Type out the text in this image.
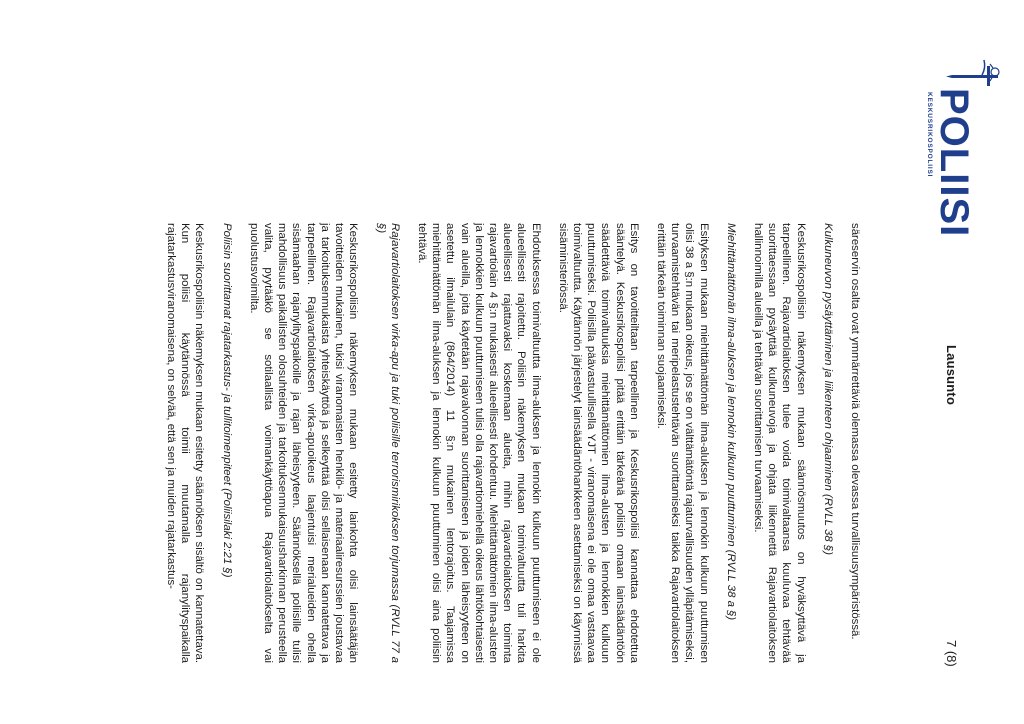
POLIISI
KESKUSRIKOSPOLIISI
Lausunto
7 (8)

säreservin osalta ovat ymmärrettäviä olemassa olevassa turvallisuusympäristössä.

Kulkuneuvon pysäyttäminen ja liikenteen ohjaaminen (RVLL 38 §)

Keskusrikospoliisin näkemyksen mukaan säännösmuutos on hyväksyttävä ja tarpeellinen. Rajavartiolaitoksen tulee voida toimivaltaansa kuuluvaa tehtävää suorittaessaan pysäyttää kulkuneuvoja ja ohjata liikennettä Rajavartiolaitoksen hallinnoimilla alueilla ja tehtävän suorittamisen turvaamiseksi.

Miehittämättömän ilma-aluksen ja lennokin kulkuun puuttuminen (RVLL 38 a §)

Esityksen mukaan miehittämättömän ilma-aluksen ja lennokin kulkuun puuttumisen olisi 38 a §:n mukaan oikeus, jos se on välttämätöntä rajaturvallisuuden ylläpitämiseksi, turvaamistehtävän tai meripelastustehtävän suorittamiseksi taikka Rajavartiolaitoksen erittäin tärkeän toiminnan suojaamiseksi.

Esitys on tavoitteiltaan tarpeellinen ja Keskusrikospoliisi kannattaa ehdotettua sääntelyä. Keskusrikospoliisi pitää erittäin tärkeänä poliisin omaan lainsäädäntöön säädettäviä toimivaltuuksia miehittämättömien ilma-alusten ja lennokkien kulkuun puuttumiseksi. Poliisilla päävastuullisella YJT - viranomaisena ei ole omaa vastaavaa toimivaltuutta. Käytännön järjestelyt lainsäädäntöhankkeen asettamiseksi on käynnissä sisäministeriössä.

Ehdotuksessa toimivaltuutta ilma-aluksen ja lennokin kulkuun puuttumiseen ei ole alueellisesti rajoitettu. Poliisin näkemyksen mukaan toimivaltuutta tuli harkita alueellisesti rajattavaksi koskemaan alueita, mihin rajavartiolaitoksen toiminta rajavartiolain 4 §:n mukaisesti alueellisesti kohdentuu. Miehittämättömien ilma-alusten ja lennokkien kulkuun puuttumiseen tulisi olla rajavartiomiehellä oikeus lähtökohtaisesti vain alueilla, joita käytetään rajavalvonnan suorittamiseen ja joiden läheisyyteen on asetettu ilmailulain (864/2014) 11 §:n mukainen lentorajoitus. Taajamissa miehittämättömän ilma-aluksen ja lennokin kulkuun puuttuminen olisi aina poliisin tehtävä.

Rajavartiolaitoksen virka-apu ja tuki poliisille terrorismirikoksen torjumassa (RVLL 77 a §)

Keskusrikospoliisin näkemyksen mukaan esitetty lainkohta olisi lainsäätäjän tavoitteiden mukainen, tukisi viranomaisten henkilö- ja materiaaliresurssien joustavaa ja tarkoituksenmukaista yhteiskäyttöä ja selkeyttää olisi sellaisenaan kannatettava ja tarpeellinen. Rajavartiolaitoksen virka-apuoikeus laajentuisi merialueiden ohella sisämaahan rajanylityspaikoille ja rajan läheisyyteen. Säännöksellä poliisille tulisi mahdollisuus paikallisten olosuhteiden ja tarkoituksenmukaisuusharkinnan perusteella valita, pyytääkö se sotilaallista voimankäyttöapua Rajavartiolaitokselta vai puolustusvoimilta.

Poliisin suorittamat rajatarkastus- ja tullitoimenpiteet (Poliisilaki 2:21 §)

Keskusrikospoliisin näkemyksen mukaan esitetty säännöksen sisältö on kannatettava. Kun poliisi käytännössä toimii muutamalla rajanylityspaikalla rajatarkastusviranomaisena, on selvää, että sen ja muiden rajatarkastus-
